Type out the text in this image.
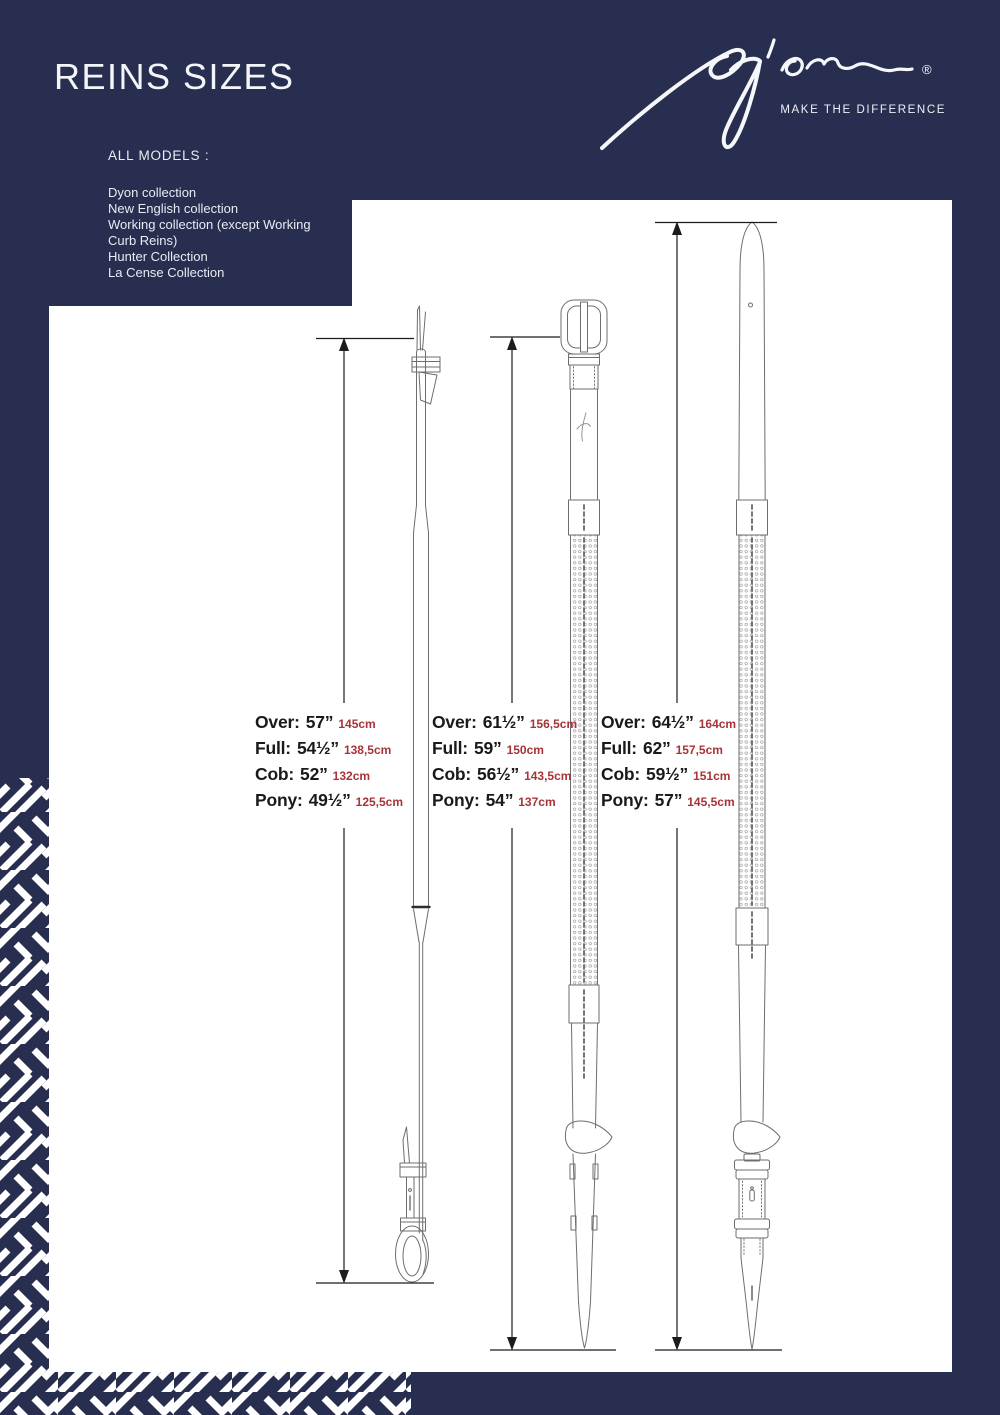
REINS SIZES	®
MAKE THE DIFFERENCE
ALL MODELS :
Dyon collection
New English collection
Working collection (except Working Curb Reins)
Hunter Collection
La Cense Collection
Over: 57” 145cm
Full: 54½” 138,5cm
Cob: 52” 132cm
Pony: 49½” 125,5cm
Over: 61½” 156,5cm
Full: 59” 150cm
Cob: 56½” 143,5cm
Pony: 54” 137cm
Over: 64½” 164cm
Full: 62” 157,5cm
Cob: 59½” 151cm
Pony: 57” 145,5cm
